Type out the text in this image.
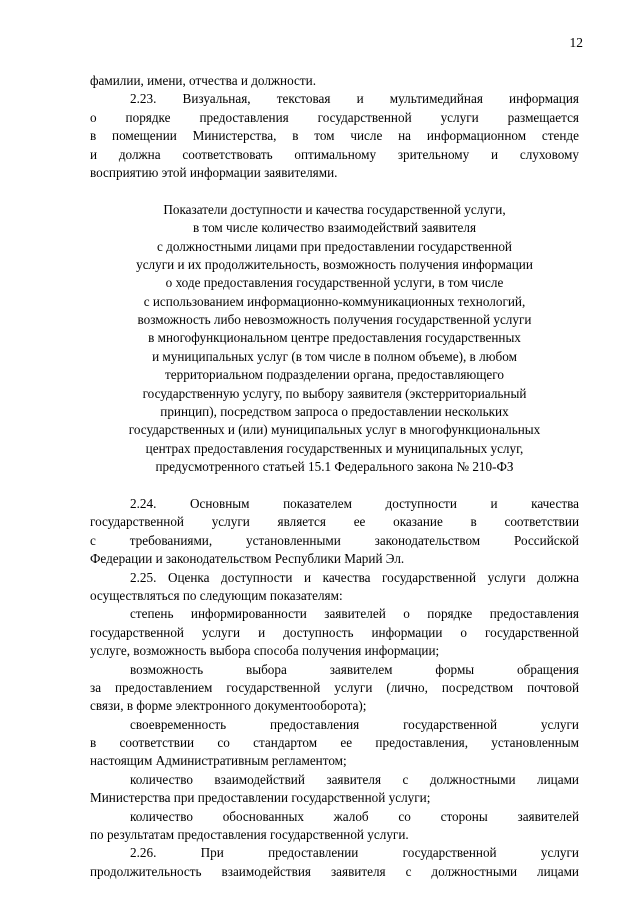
12
фамилии, имени, отчества и должности.
2.23. Визуальная, текстовая и мультимедийная информация
о порядке предоставления государственной услуги размещается
в помещении Министерства, в том числе на информационном стенде
и должна соответствовать оптимальному зрительному и слуховому
восприятию этой информации заявителями.
Показатели доступности и качества государственной услуги,
в том числе количество взаимодействий заявителя
с должностными лицами при предоставлении государственной
услуги и их продолжительность, возможность получения информации
о ходе предоставления государственной услуги, в том числе
с использованием информационно-коммуникационных технологий,
возможность либо невозможность получения государственной услуги
в многофункциональном центре предоставления государственных
и муниципальных услуг (в том числе в полном объеме), в любом
территориальном подразделении органа, предоставляющего
государственную услугу, по выбору заявителя (экстерриториальный
принцип), посредством запроса о предоставлении нескольких
государственных и (или) муниципальных услуг в многофункциональных
центрах предоставления государственных и муниципальных услуг,
предусмотренного статьей 15.1 Федерального закона № 210-ФЗ
2.24. Основным показателем доступности и качества
государственной услуги является ее оказание в соответствии
с требованиями, установленными законодательством Российской
Федерации и законодательством Республики Марий Эл.
2.25. Оценка доступности и качества государственной услуги должна
осуществляться по следующим показателям:
степень информированности заявителей о порядке предоставления
государственной услуги и доступность информации о государственной
услуге, возможность выбора способа получения информации;
возможность выбора заявителем формы обращения
за предоставлением государственной услуги (лично, посредством почтовой
связи, в форме электронного документооборота);
своевременность предоставления государственной услуги
в соответствии со стандартом ее предоставления, установленным
настоящим Административным регламентом;
количество взаимодействий заявителя с должностными лицами
Министерства при предоставлении государственной услуги;
количество обоснованных жалоб со стороны заявителей
по результатам предоставления государственной услуги.
2.26. При предоставлении государственной услуги
продолжительность взаимодействия заявителя с должностными лицами
